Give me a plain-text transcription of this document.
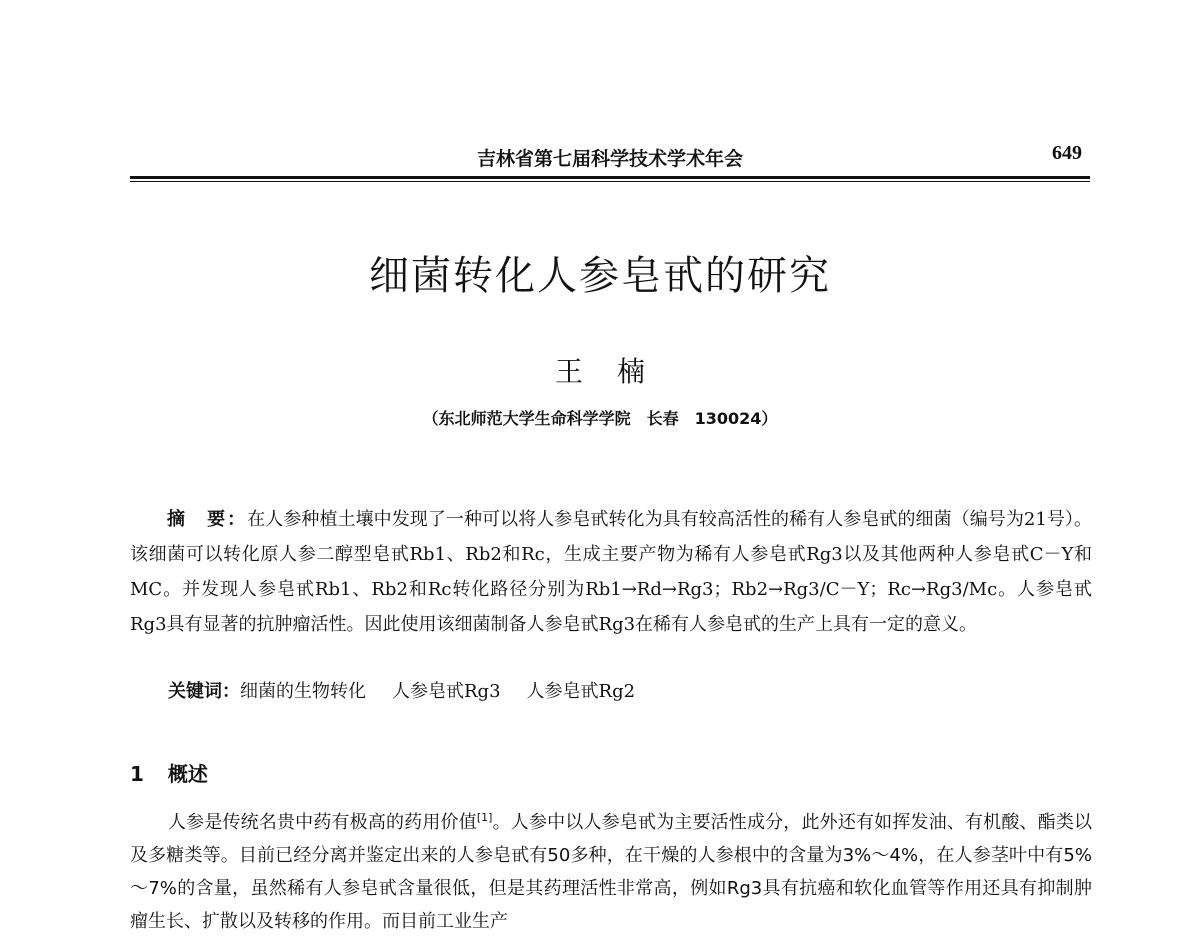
吉林省第七届科学技术学术年会	649
细菌转化人参皂甙的研究
王楠
（东北师范大学生命科学学院　长春　130024）
摘　要：在人参种植土壤中发现了一种可以将人参皂甙转化为具有较高活性的稀有人参皂甙的细菌（编号为21号）。该细菌可以转化原人参二醇型皂甙Rb1、Rb2和Rc，生成主要产物为稀有人参皂甙Rg3以及其他两种人参皂甙C－Y和MC。并发现人参皂甙Rb1、Rb2和Rc转化路径分别为Rb1→Rd→Rg3；Rb2→Rg3/C－Y；Rc→Rg3/Mc。人参皂甙Rg3具有显著的抗肿瘤活性。因此使用该细菌制备人参皂甙Rg3在稀有人参皂甙的生产上具有一定的意义。
关键词：细菌的生物转化 人参皂甙Rg3 人参皂甙Rg2
1 概述
人参是传统名贵中药有极高的药用价值[1]。人参中以人参皂甙为主要活性成分，此外还有如挥发油、有机酸、酯类以及多糖类等。目前已经分离并鉴定出来的人参皂甙有50多种，在干燥的人参根中的含量为3%～4%，在人参茎叶中有5%～7%的含量，虽然稀有人参皂甙含量很低，但是其药理活性非常高，例如Rg3具有抗癌和软化血管等作用还具有抑制肿瘤生长、扩散以及转移的作用。而目前工业生产
